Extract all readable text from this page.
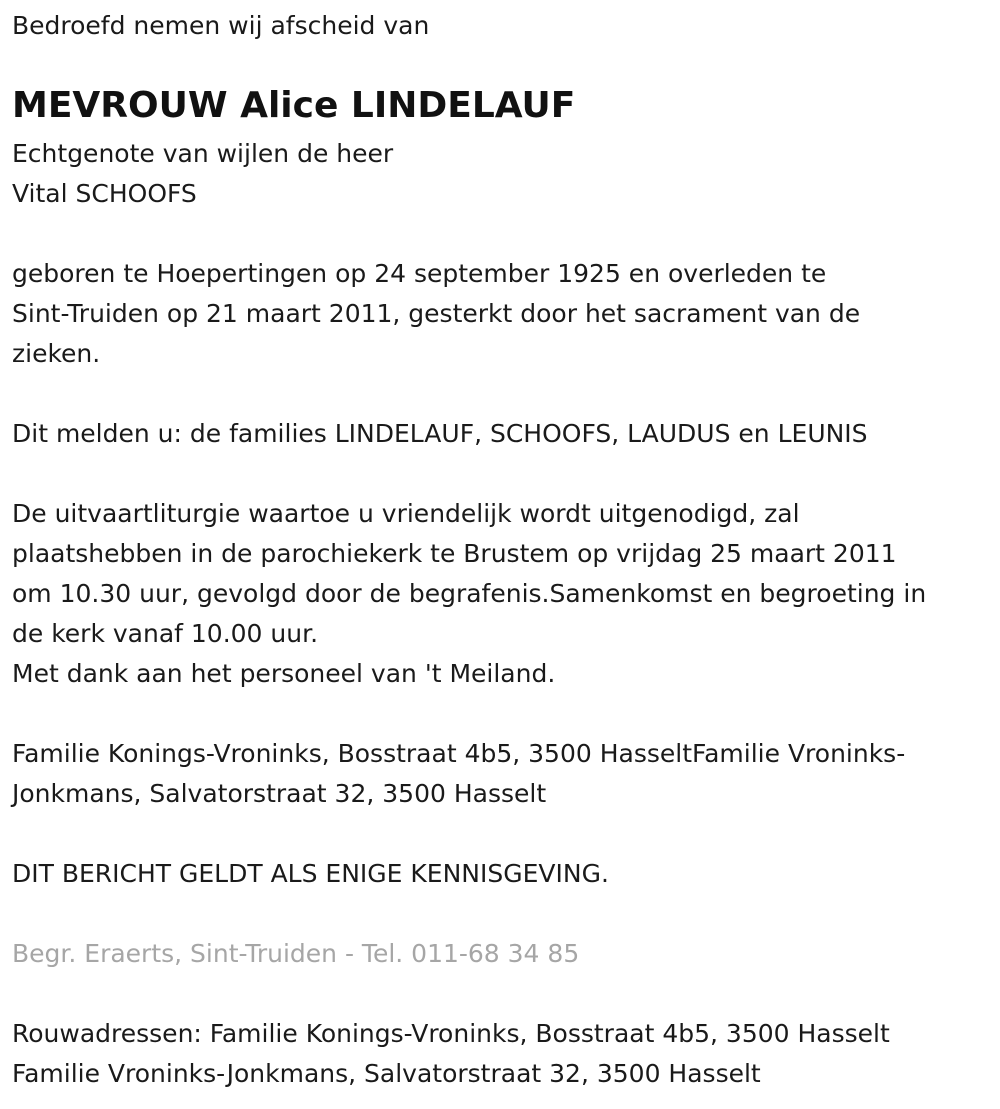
Bedroefd nemen wij afscheid van

MEVROUW Alice LINDELAUF

Echtgenote van wijlen de heer

Vital SCHOOFS

geboren te Hoepertingen op 24 september 1925 en overleden te

Sint-Truiden op 21 maart 2011, gesterkt door het sacrament van de

zieken.

Dit melden u: de families LINDELAUF, SCHOOFS, LAUDUS en LEUNIS

De uitvaartliturgie waartoe u vriendelijk wordt uitgenodigd, zal

plaatshebben in de parochiekerk te Brustem op vrijdag 25 maart 2011

om 10.30 uur, gevolgd door de begrafenis.Samenkomst en begroeting in

de kerk vanaf 10.00 uur.

Met dank aan het personeel van 't Meiland.

Familie Konings-Vroninks, Bosstraat 4b5, 3500 HasseltFamilie Vroninks-

Jonkmans, Salvatorstraat 32, 3500 Hasselt

DIT BERICHT GELDT ALS ENIGE KENNISGEVING.

Begr. Eraerts, Sint-Truiden - Tel. 011-68 34 85

Rouwadressen: Familie Konings-Vroninks, Bosstraat 4b5, 3500 Hasselt

Familie Vroninks-Jonkmans, Salvatorstraat 32, 3500 Hasselt
